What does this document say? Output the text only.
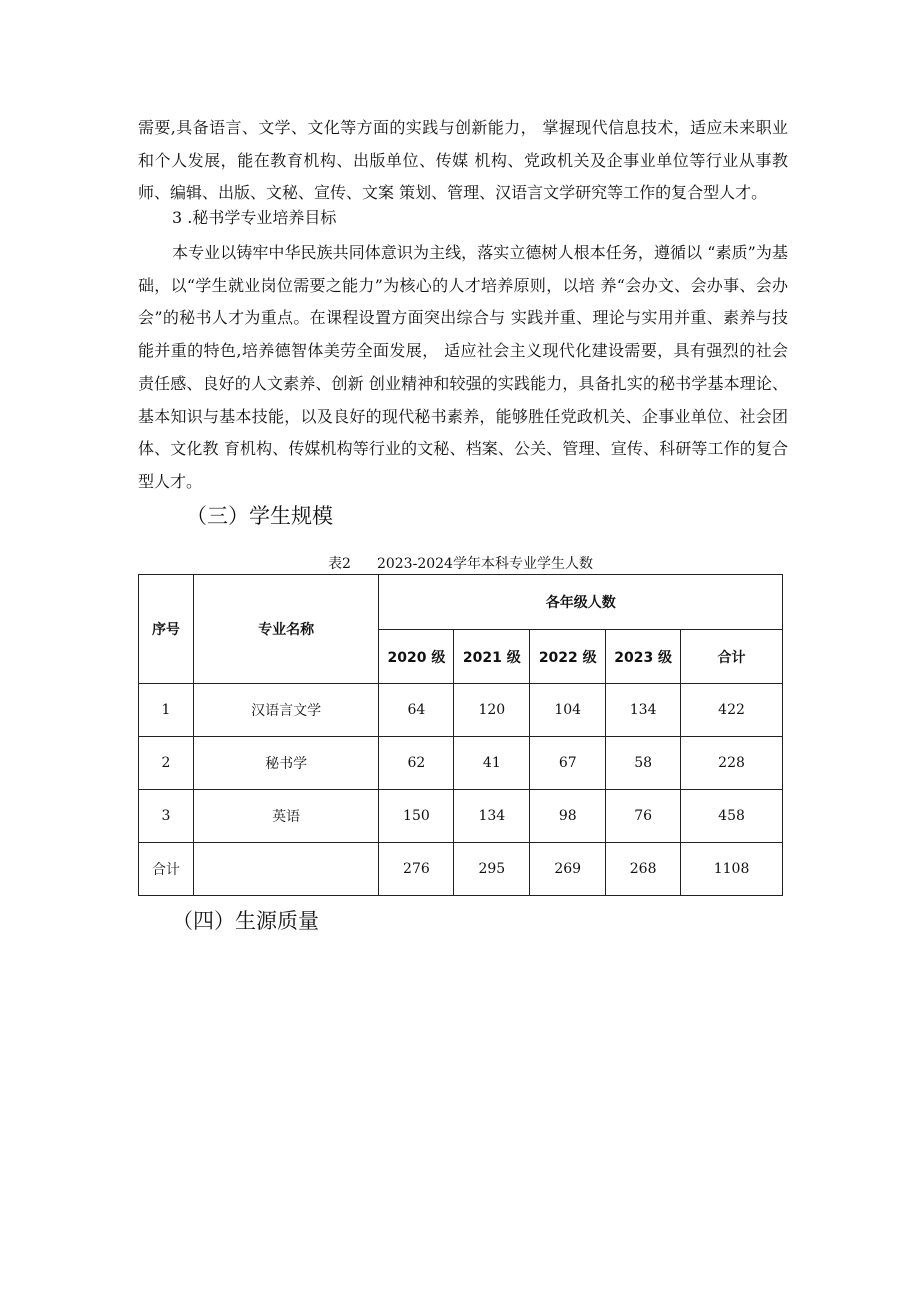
需要,具备语言、文学、文化等方面的实践与创新能力， 掌握现代信息技术，适应未来职业和个人发展，能在教育机构、出版单位、传媒 机构、党政机关及企事业单位等行业从事教师、编辑、出版、文秘、宣传、文案 策划、管理、汉语言文学研究等工作的复合型人才。

3 .秘书学专业培养目标

本专业以铸牢中华民族共同体意识为主线，落实立德树人根本任务，遵循以 “素质”为基础，以“学生就业岗位需要之能力”为核心的人才培养原则，以培 养“会办文、会办事、会办会”的秘书人才为重点。在课程设置方面突出综合与 实践并重、理论与实用并重、素养与技能并重的特色,培养德智体美劳全面发展， 适应社会主义现代化建设需要，具有强烈的社会责任感、良好的人文素养、创新 创业精神和较强的实践能力，具备扎实的秘书学基本理论、基本知识与基本技能，以及良好的现代秘书素养，能够胜任党政机关、企事业单位、社会团体、文化教 育机构、传媒机构等行业的文秘、档案、公关、管理、宣传、科研等工作的复合 型人才。

（三）学生规模

表2 2023-2024学年本科专业学生人数

序号	专业名称	各年级人数				
		2020 级	2021 级	2022 级	2023 级	合计
1	汉语言文学	64	120	104	134	422
2	秘书学	62	41	67	58	228
3	英语	150	134	98	76	458
合计		276	295	269	268	1108
（四）生源质量
